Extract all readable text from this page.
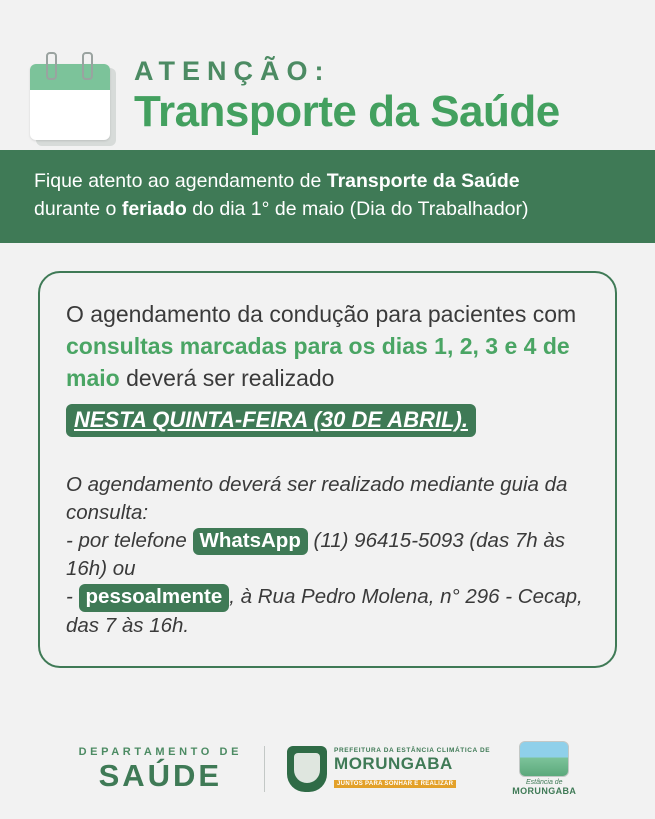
ATENÇÃO:
Transporte da Saúde
Fique atento ao agendamento de Transporte da Saúde
durante o feriado do dia 1° de maio (Dia do Trabalhador)
O agendamento da condução para pacientes com consultas marcadas para os dias 1, 2, 3 e 4 de maio deverá ser realizado
NESTA QUINTA-FEIRA (30 DE ABRIL).
O agendamento deverá ser realizado mediante guia da consulta:
- por telefone WhatsApp (11) 96415-5093 (das 7h às 16h) ou
- pessoalmente , à Rua Pedro Molena, n° 296 - Cecap, das 7 às 16h.
DEPARTAMENTO DE
SAÚDE
PREFEITURA DA ESTÂNCIA CLIMÁTICA DE
MORUNGABA
JUNTOS PARA SONHAR E REALIZAR	Estância de
MORUNGABA
